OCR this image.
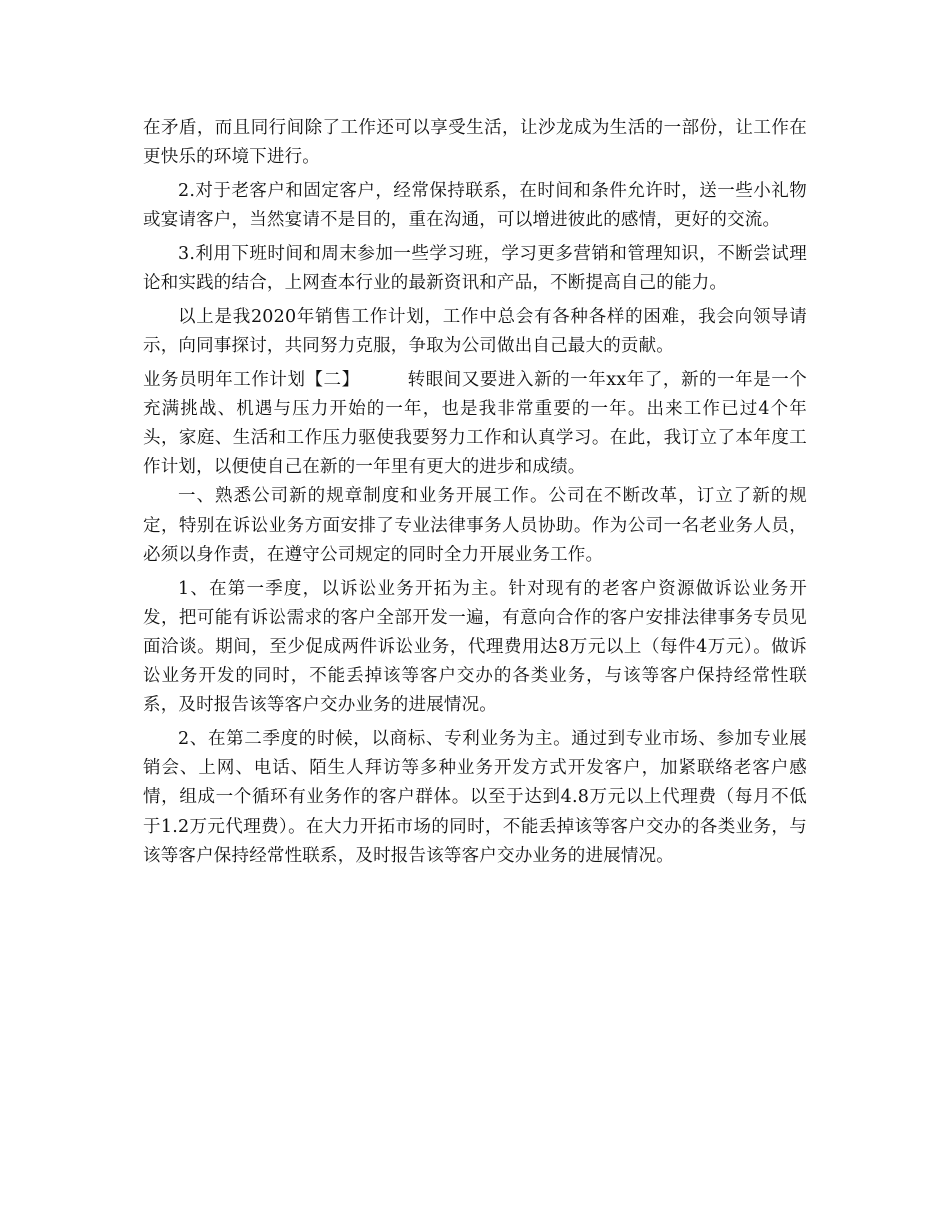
在矛盾，而且同行间除了工作还可以享受生活，让沙龙成为生活的一部份，让工作在更快乐的环境下进行。

2.对于老客户和固定客户，经常保持联系，在时间和条件允许时，送一些小礼物或宴请客户，当然宴请不是目的，重在沟通，可以增进彼此的感情，更好的交流。

3.利用下班时间和周末参加一些学习班，学习更多营销和管理知识，不断尝试理论和实践的结合，上网查本行业的最新资讯和产品，不断提高自己的能力。

以上是我2020年销售工作计划，工作中总会有各种各样的困难，我会向领导请示，向同事探讨，共同努力克服，争取为公司做出自己最大的贡献。

业务员明年工作计划【二】	转眼间又要进入新的一年xx年了，新的一年是一个充满挑战、机遇与压力开始的一年，也是我非常重要的一年。出来工作已过4个年头，家庭、生活和工作压力驱使我要努力工作和认真学习。在此，我订立了本年度工作计划，以便使自己在新的一年里有更大的进步和成绩。

一、熟悉公司新的规章制度和业务开展工作。公司在不断改革，订立了新的规定，特别在诉讼业务方面安排了专业法律事务人员协助。作为公司一名老业务人员，必须以身作责，在遵守公司规定的同时全力开展业务工作。

1、在第一季度，以诉讼业务开拓为主。针对现有的老客户资源做诉讼业务开发，把可能有诉讼需求的客户全部开发一遍，有意向合作的客户安排法律事务专员见面洽谈。期间，至少促成两件诉讼业务，代理费用达8万元以上（每件4万元）。做诉讼业务开发的同时，不能丢掉该等客户交办的各类业务，与该等客户保持经常性联系，及时报告该等客户交办业务的进展情况。

2、在第二季度的时候，以商标、专利业务为主。通过到专业市场、参加专业展销会、上网、电话、陌生人拜访等多种业务开发方式开发客户，加紧联络老客户感情，组成一个循环有业务作的客户群体。以至于达到4.8万元以上代理费（每月不低于1.2万元代理费）。在大力开拓市场的同时，不能丢掉该等客户交办的各类业务，与该等客户保持经常性联系，及时报告该等客户交办业务的进展情况。
